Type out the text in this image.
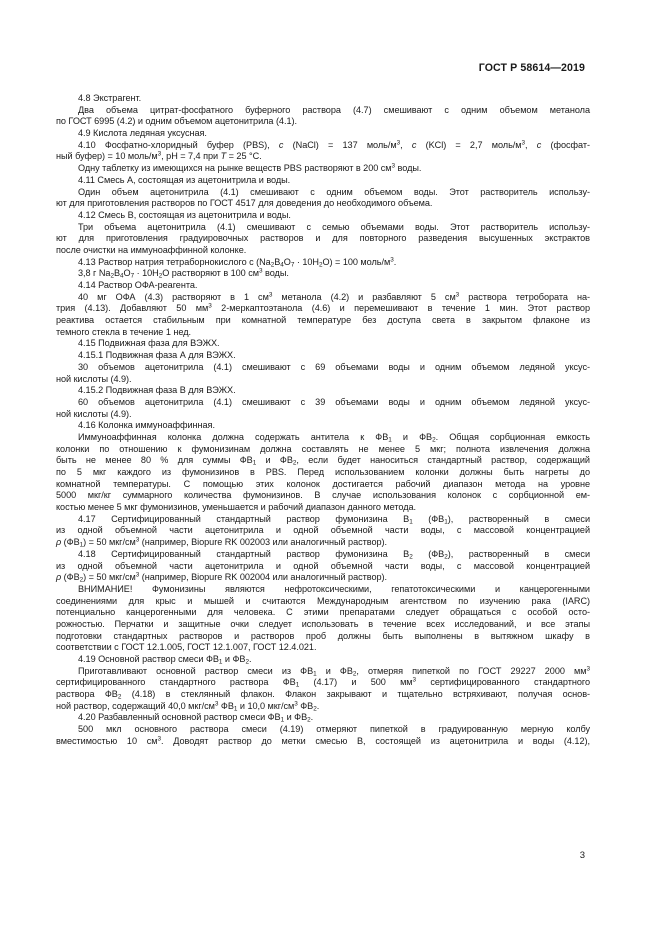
ГОСТ Р 58614—2019

4.8 Экстрагент.

Два объема цитрат-фосфатного буферного раствора (4.7) смешивают с одним объемом метанола

по ГОСТ 6995 (4.2) и одним объемом ацетонитрила (4.1).

4.9 Кислота ледяная уксусная.

4.10 Фосфатно-хлоридный буфер (PBS), c (NaCl) = 137 моль/$м^3$, c (KCl) = 2,7 моль/$м^3$, c (фосфат-

ный буфер) = 10 моль/$м^3$, pH = 7,4 при T = 25 °C.

Одну таблетку из имеющихся на рынке веществ PBS растворяют в 200 $см^3$ воды.

4.11 Смесь А, состоящая из ацетонитрила и воды.

Один объем ацетонитрила (4.1) смешивают с одним объемом воды. Этот растворитель использу-

ют для приготовления растворов по ГОСТ 4517 для доведения до необходимого объема.

4.12 Смесь В, состоящая из ацетонитрила и воды.

Три объема ацетонитрила (4.1) смешивают с семью объемами воды. Этот растворитель использу-

ют для приготовления градуировочных растворов и для повторного разведения высушенных экстрактов

после очистки на иммуноаффинной колонке.

4.13 Раствор натрия тетраборнокислого с $(Na_2B_4O_7 \cdot 10H_2O) = 100$ моль/$м^3$.

3,8 г $Na_2B_4O_7 \cdot 10H_2O$ растворяют в 100 $см^3$ воды.

4.14 Раствор ОФА-реагента.

40 мг ОФА (4.3) растворяют в 1 $см^3$ метанола (4.2) и разбавляют 5 $см^3$ раствора тетробората на-

трия (4.13). Добавляют 50 $мм^3$ 2-меркаптоэтанола (4.6) и перемешивают в течение 1 мин. Этот раствор

реактива остается стабильным при комнатной температуре без доступа света в закрытом флаконе из

темного стекла в течение 1 нед.

4.15 Подвижная фаза для ВЭЖХ.

4.15.1 Подвижная фаза А для ВЭЖХ.

30 объемов ацетонитрила (4.1) смешивают с 69 объемами воды и одним объемом ледяной уксус-

ной кислоты (4.9).

4.15.2 Подвижная фаза В для ВЭЖХ.

60 объемов ацетонитрила (4.1) смешивают с 39 объемами воды и одним объемом ледяной уксус-

ной кислоты (4.9).

4.16 Колонка иммуноаффинная.

Иммуноаффинная колонка должна содержать антитела к $ФВ_1$ и $ФВ_2$. Общая сорбционная емкость

колонки по отношению к фумонизинам должна составлять не менее 5 мкг; полнота извлечения должна

быть не менее 80 % для суммы $ФВ_1$ и $ФВ_2$, если будет наноситься стандартный раствор, содержащий

по 5 мкг каждого из фумонизинов в PBS. Перед использованием колонки должны быть нагреты до

комнатной температуры. С помощью этих колонок достигается рабочий диапазон метода на уровне

5000 мкг/кг суммарного количества фумонизинов. В случае использования колонок с сорбционной ем-

костью менее 5 мкг фумонизинов, уменьшается и рабочий диапазон данного метода.

4.17 Сертифицированный стандартный раствор фумонизина $В_1$ $(ФВ_1)$, растворенный в смеси

из одной объемной части ацетонитрила и одной объемной части воды, с массовой концентрацией

ρ $(ФВ_1) = 50$ мкг/$см^3$ (например, Biopure RK 002003 или аналогичный раствор).

4.18 Сертифицированный стандартный раствор фумонизина $В_2$ $(ФВ_2)$, растворенный в смеси

из одной объемной части ацетонитрила и одной объемной части воды, с массовой концентрацией

ρ $(ФВ_2) = 50$ мкг/$см^3$ (например, Biopure RK 002004 или аналогичный раствор).

ВНИМАНИЕ! Фумонизины являются нефротоксическими, гепатотоксическими и канцерогенными

соединениями для крыс и мышей и считаются Международным агентством по изучению рака (IARC)

потенциально канцерогенными для человека. С этими препаратами следует обращаться с особой осто-

рожностью. Перчатки и защитные очки следует использовать в течение всех исследований, и все этапы

подготовки стандартных растворов и растворов проб должны быть выполнены в вытяжном шкафу в

соответствии с ГОСТ 12.1.005, ГОСТ 12.1.007, ГОСТ 12.4.021.

4.19 Основной раствор смеси $ФВ_1$ и $ФВ_2$.

Приготавливают основной раствор смеси из $ФВ_1$ и $ФВ_2$, отмеряя пипеткой по ГОСТ 29227 2000 $мм^3$

сертифицированного стандартного раствора $ФВ_1$ (4.17) и 500 $мм^3$ сертифицированного стандартного

раствора $ФВ_2$ (4.18) в стеклянный флакон. Флакон закрывают и тщательно встряхивают, получая основ-

ной раствор, содержащий 40,0 мкг/$см^3$ $ФВ_1$ и 10,0 мкг/$см^3$ $ФВ_2$.

4.20 Разбавленный основной раствор смеси $ФВ_1$ и $ФВ_2$.

500 мкл основного раствора смеси (4.19) отмеряют пипеткой в градуированную мерную колбу

вместимостью 10 $см^3$. Доводят раствор до метки смесью В, состоящей из ацетонитрила и воды (4.12),

3
